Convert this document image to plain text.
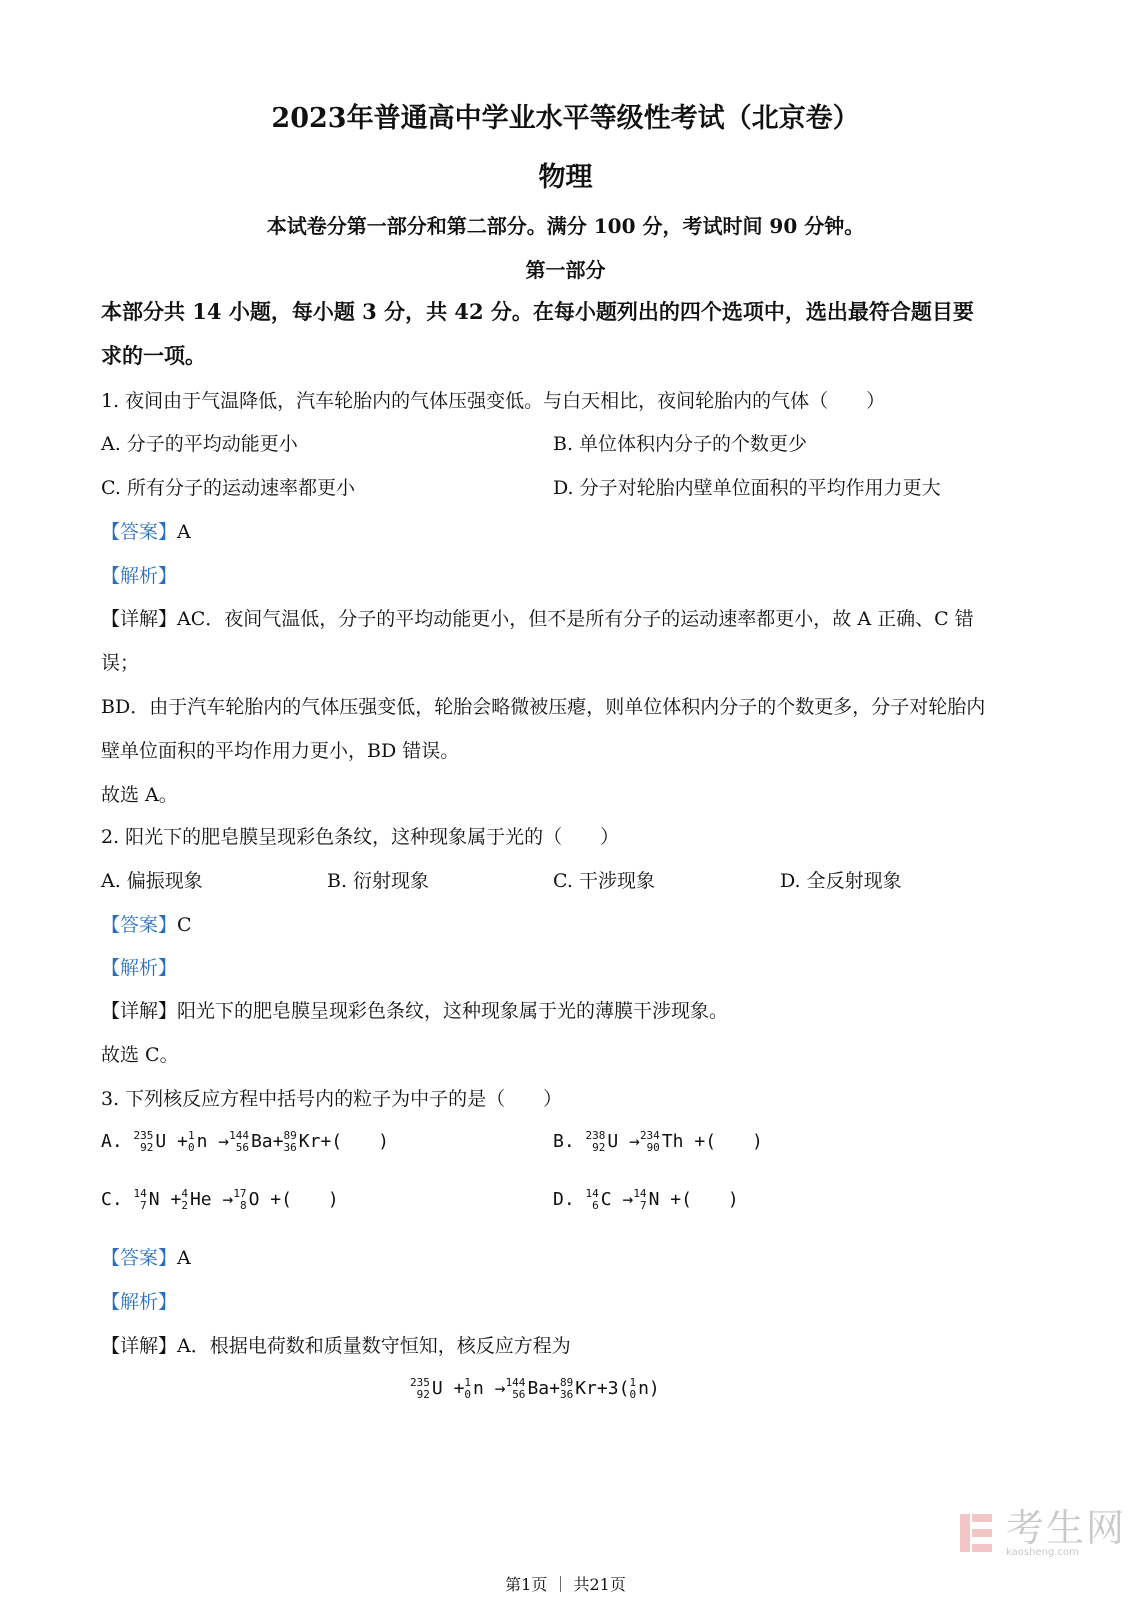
2023年普通高中学业水平等级性考试（北京卷）
物理
本试卷分第一部分和第二部分。满分 100 分，考试时间 90 分钟。
第一部分
本部分共 14 小题，每小题 3 分，共 42 分。在每小题列出的四个选项中，选出最符合题目要
求的一项。
1. 夜间由于气温降低，汽车轮胎内的气体压强变低。与白天相比，夜间轮胎内的气体（　　）
A. 分子的平均动能更小	B. 单位体积内分子的个数更少
C. 所有分子的运动速率都更小	D. 分子对轮胎内壁单位面积的平均作用力更大
【答案】A
【解析】
【详解】AC．夜间气温低，分子的平均动能更小，但不是所有分子的运动速率都更小，故 A 正确、C 错
误；
BD．由于汽车轮胎内的气体压强变低，轮胎会略微被压瘪，则单位体积内分子的个数更多，分子对轮胎内
壁单位面积的平均作用力更小，BD 错误。
故选 A。
2. 阳光下的肥皂膜呈现彩色条纹，这种现象属于光的（　　）
A. 偏振现象	B. 衍射现象	C. 干涉现象	D. 全反射现象
【答案】C
【解析】
【详解】阳光下的肥皂膜呈现彩色条纹，这种现象属于光的薄膜干涉现象。
故选 C。
3. 下列核反应方程中括号内的粒子为中子的是（　　）
A. 235
92 U + 1
0 n → 144
56 Ba+ 89
36 Kr+(　　)	B. 238
92 U → 234
90 Th +(　　)
C. 14
7 N + 4
2 He → 17
8 O +(　　)	D. 14
6 C → 14
7 N +(　　)
【答案】A
【解析】
【详解】A．根据电荷数和质量数守恒知，核反应方程为
235
92 U + 1
0 n → 144
56 Ba+ 89
36 Kr+3( 1
0 n)

考生网
kaosheng.com
第1页 ｜ 共21页
